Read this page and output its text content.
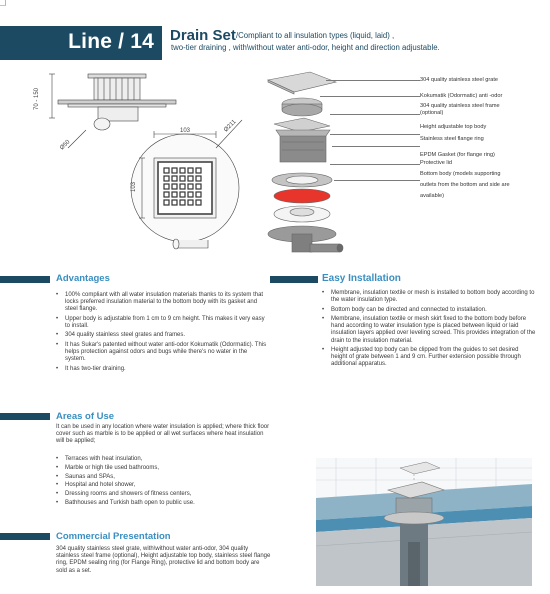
Line / 14 Drain Set /Compliant to all insulation types (liquid, laid) ,
two-tier draining , with\without water anti-odor, height and direction adjustable.
70 - 150
103
103
Ø211
Ø50
304 quality stainless steel grate
Kokumatik (Odormatic) anti -odor
304 quality stainless steel frame
(optional)
Height adjustable top body
Stainless steel flange ring
EPDM Gasket (for flange ring)
Protective lid
Bottom body (models supporting
outlets from the bottom and side are
available)
Advantages
• 100% compliant with all water insulation materials thanks to its system that locks preferred insulation material to the bottom body with its gasket and steel flange.
• Upper body is adjustable from 1 cm to 9 cm height. This makes it very easy to install.
• 304 quality stainless steel grates and frames.
• It has Sukar's patented without water anti-odor Kokumatik (Odormatic). This helps protection against odors and bugs while there's no water in the system.
• It has two-tier draining.
Areas of Use
It can be used in any location where water insulation is applied; where thick floor cover such as marble is to be applied or all wet surfaces where heat insulation will be applied;
• Terraces with heat insulation,
• Marble or high tile used bathrooms,
• Saunas and SPAs,
• Hospital and hotel shower,
• Dressing rooms and showers of fitness centers,
• Bathhouses and Turkish bath open to public use.
Commercial Presentation
304 quality stainless steel grate, with\without water anti-odor, 304 quality stainless steel frame (optional), Height adjustable top body, stainless steel flange ring, EPDM sealing ring (for Flange Ring), protective lid and bottom body are sold as a set.
Easy Installation
• Membrane, insulation textile or mesh is installed to bottom body according to the water insulation type.
• Bottom body can be directed and connected to installation.
• Membrane, insulation textile or mesh skirt fixed to the bottom body before hand according to water insulation type is placed between liquid or laid insulation layers applied over leveling screed. This provides integration of the drain to the insulation material.
• Height adjusted top body can be clipped from the guides to set desired height of grate between 1 and 9 cm. Further extension possible through additional apparatus.
